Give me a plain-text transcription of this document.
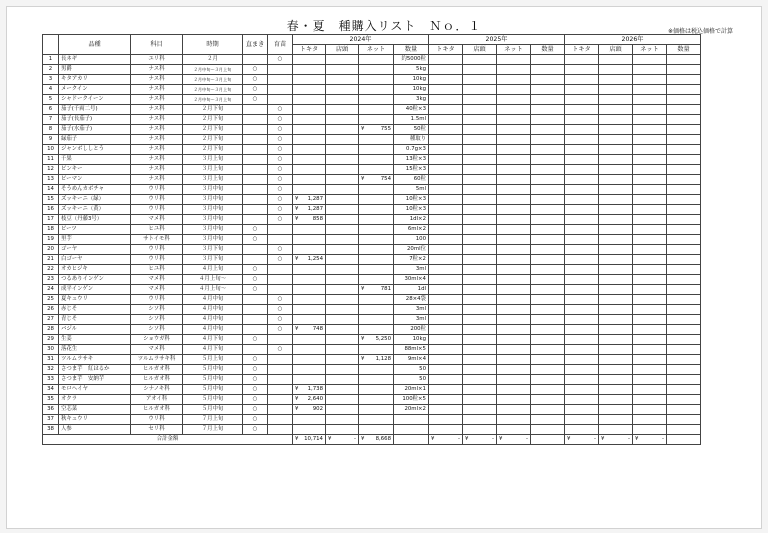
春・夏　種購入リスト　Ｎｏ．１	※価格は税込価格で計算
	品種	科目	時期	直まき	育苗	2024年				2025年				2026年			
						トキタ	店頭	ネット	数量	トキタ	店頭	ネット	数量	トキタ	店頭	ネット	数量
1	長ネギ	ユリ科	２月		○				約5000粒								
2	男爵	ナス科	２月中旬～３月上旬	○					5kg								
3	キタアカリ	ナス科	２月中旬～３月上旬	○					10kg								
4	メークイン	ナス科	２月中旬～３月上旬	○					10kg								
5	シャドークイーン	ナス科	２月中旬～３月上旬	○					3kg								
6	茄子(千両二号)	ナス科	２月下旬		○				40粒×3								
7	茄子(長茄子)	ナス科	２月下旬		○				1.5ml								
8	茄子(水茄子)	ナス科	２月下旬		○			¥ 755	50粒								
9	緑茄子	ナス科	２月下旬		○				種取り								
10	ジャンボししとう	ナス科	２月下旬		○				0.7g×3								
11	千果	ナス科	３月上旬		○				13粒×3								
12	ピンキー	ナス科	３月上旬		○				15粒×3								
13	ピーマン	ナス科	３月上旬		○			¥ 754	60粒								
14	そうめんカボチャ	ウリ科	３月中旬		○				5ml								
15	ズッキーニ（緑）	ウリ科	３月中旬		○	¥ 1,287			10粒×3								
16	ズッキーニ（黄）	ウリ科	３月中旬		○	¥ 1,287			10粒×3								
17	枝豆（丹藤3号）	マメ科	３月中旬		○	¥ 858			1dl×2								
18	ビーツ	ヒユ科	３月中旬	○					6ml×2								
19	里芋	サトイモ科	３月中旬	○					100								
20	ゴーヤ	ウリ科	３月下旬		○				20ml位								
21	白ゴーヤ	ウリ科	３月下旬		○	¥ 1,254			7粒×2								
22	オカヒジキ	ヒユ科	４月上旬	○					3ml								
23	つるありインゲン	マメ科	４月上旬～	○					30ml×4								
24	成平インゲン	マメ科	４月上旬～	○				¥ 781	1dl								
25	夏キュウリ	ウリ科	４月中旬		○				28×4袋								
26	赤じそ	シソ科	４月中旬		○				3ml								
27	青じそ	シソ科	４月中旬		○				3ml								
28	バジル	シソ科	４月中旬		○	¥ 748			200粒								
29	生姜	ショウガ科	４月下旬	○				¥ 5,250	10kg								
30	落花生	マメ科	４月下旬		○				88ml×5								
31	ツルムラサキ	ツルムラサキ科	５月上旬	○				¥ 1,128	9ml×4								
32	さつま芋　紅はるか	ヒルガオ科	５月中旬	○					50								
33	さつま芋　安納芋	ヒルガオ科	５月中旬	○					50								
34	モロヘイヤ	シナノキ科	５月中旬	○		¥ 1,738			20ml×1								
35	オクラ	アオイ科	５月中旬	○		¥ 2,640			100粒×5								
36	空芯菜	ヒルガオ科	５月中旬	○		¥ 902			20ml×2								
37	秋キュウリ	ウリ科	７月上旬	○													
38	人参	セリ科	７月上旬	○													
合計金額						¥ 10,714	¥ -	¥ 8,668		¥ -	¥ -	¥ -		¥ -	¥ -	¥ -	
